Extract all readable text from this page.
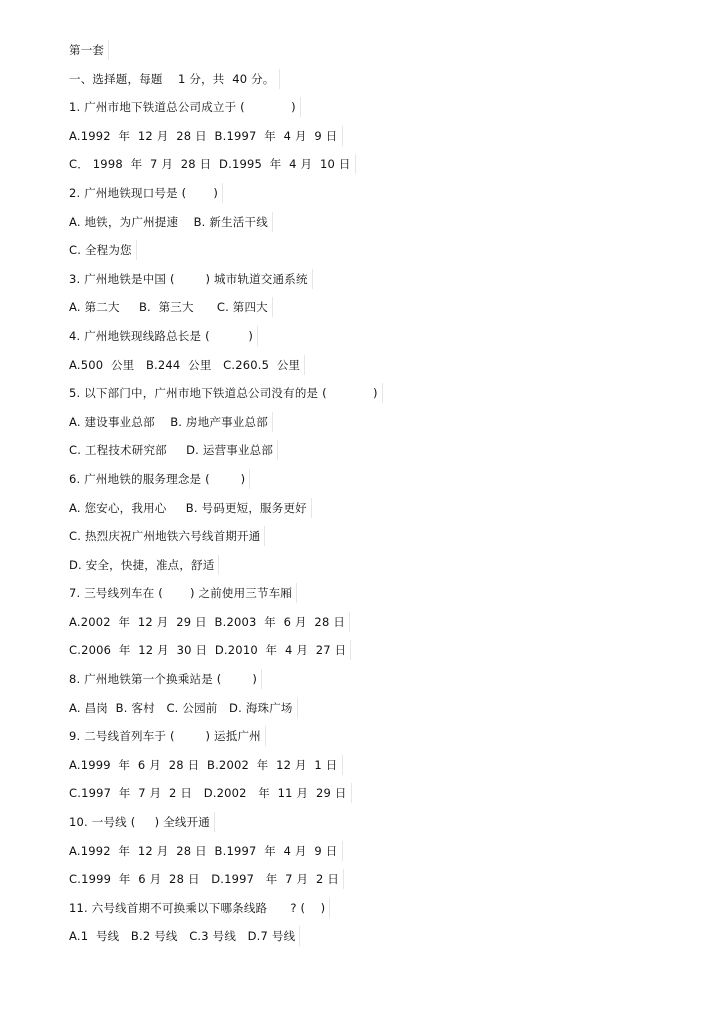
第一套
一、选择题，每题    1 分，共  40 分。
1. 广州市地下铁道总公司成立于 (            )
A.1992  年  12 月  28 日  B.1997  年  4 月  9 日
C． 1998  年  7 月  28 日  D.1995  年  4 月  10 日
2. 广州地铁现口号是 (       )
A. 地铁，为广州提速    B. 新生活干线
C. 全程为您
3. 广州地铁是中国 (        ) 城市轨道交通系统
A. 第二大     B.  第三大      C. 第四大
4. 广州地铁现线路总长是 (          )
A.500  公里   B.244  公里   C.260.5  公里
5. 以下部门中，广州市地下铁道总公司没有的是 (            )
A. 建设事业总部    B. 房地产事业总部
C. 工程技术研究部     D. 运营事业总部
6. 广州地铁的服务理念是 (        )
A. 您安心，我用心     B. 号码更短，服务更好
C. 热烈庆祝广州地铁六号线首期开通
D. 安全，快捷，准点，舒适
7. 三号线列车在 (       ) 之前使用三节车厢
A.2002  年  12 月  29 日  B.2003  年  6 月  28 日
C.2006  年  12 月  30 日  D.2010  年  4 月  27 日
8. 广州地铁第一个换乘站是 (        )
A. 昌岗  B. 客村   C. 公园前   D. 海珠广场
9. 二号线首列车于 (        ) 运抵广州
A.1999  年  6 月  28 日  B.2002  年  12 月  1 日
C.1997  年  7 月  2 日   D.2002   年  11 月  29 日
10. 一号线 (     ) 全线开通
A.1992  年  12 月  28 日  B.1997  年  4 月  9 日
C.1999  年  6 月  28 日   D.1997   年  7 月  2 日
11. 六号线首期不可换乘以下哪条线路      ? (    )
A.1  号线   B.2 号线   C.3 号线   D.7 号线
